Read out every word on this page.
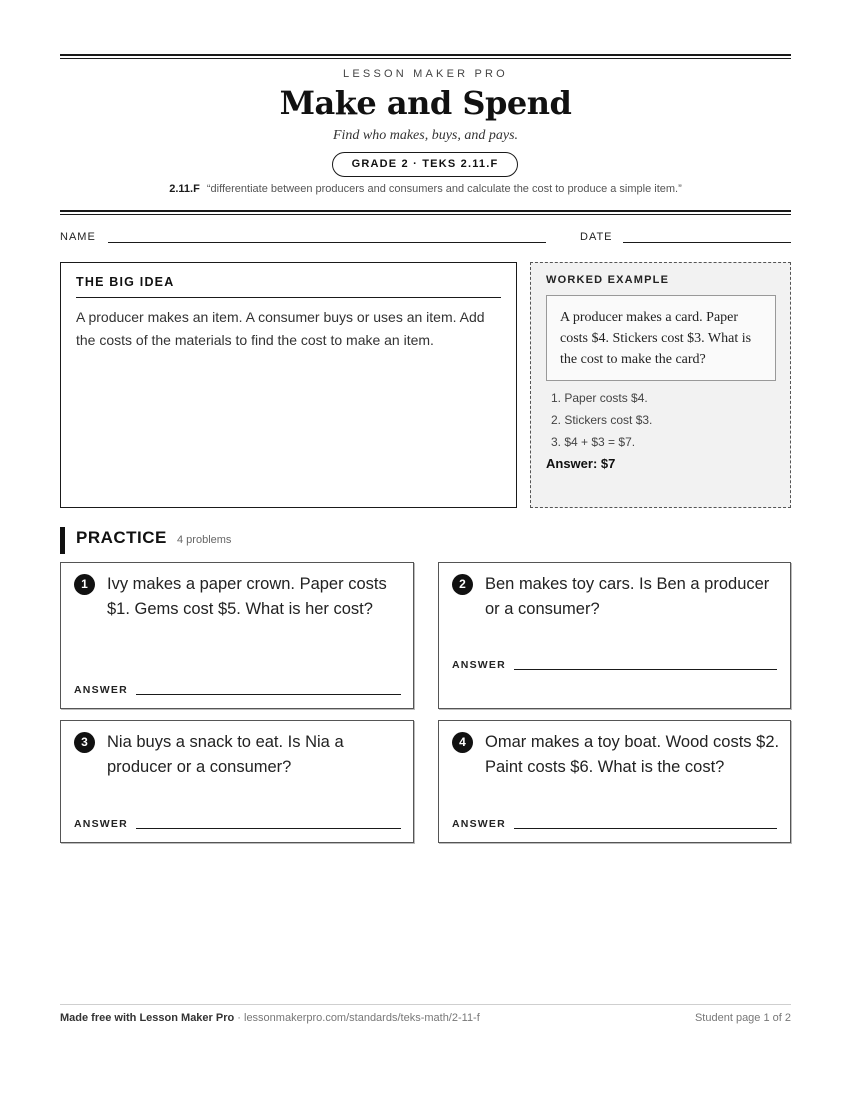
LESSON MAKER PRO
Make and Spend
Find who makes, buys, and pays.
GRADE 2 · TEKS 2.11.F
2.11.F “differentiate between producers and consumers and calculate the cost to produce a simple item.”
NAME	DATE
THE BIG IDEA
A producer makes an item. A consumer buys or uses an item. Add the costs of the materials to find the cost to make an item.
WORKED EXAMPLE
A producer makes a card. Paper costs $4. Stickers cost $3. What is the cost to make the card?
1. Paper costs $4.
2. Stickers cost $3.
3. $4 + $3 = $7.
Answer: $7
PRACTICE 4 problems
1	Ivy makes a paper crown. Paper costs $1. Gems cost $5. What is her cost?
ANSWER
2	Ben makes toy cars. Is Ben a producer or a consumer?
ANSWER
3	Nia buys a snack to eat. Is Nia a producer or a consumer?
ANSWER
4	Omar makes a toy boat. Wood costs $2. Paint costs $6. What is the cost?
ANSWER
Made free with Lesson Maker Pro · lessonmakerpro.com/standards/teks-math/2-11-f	Student page 1 of 2
